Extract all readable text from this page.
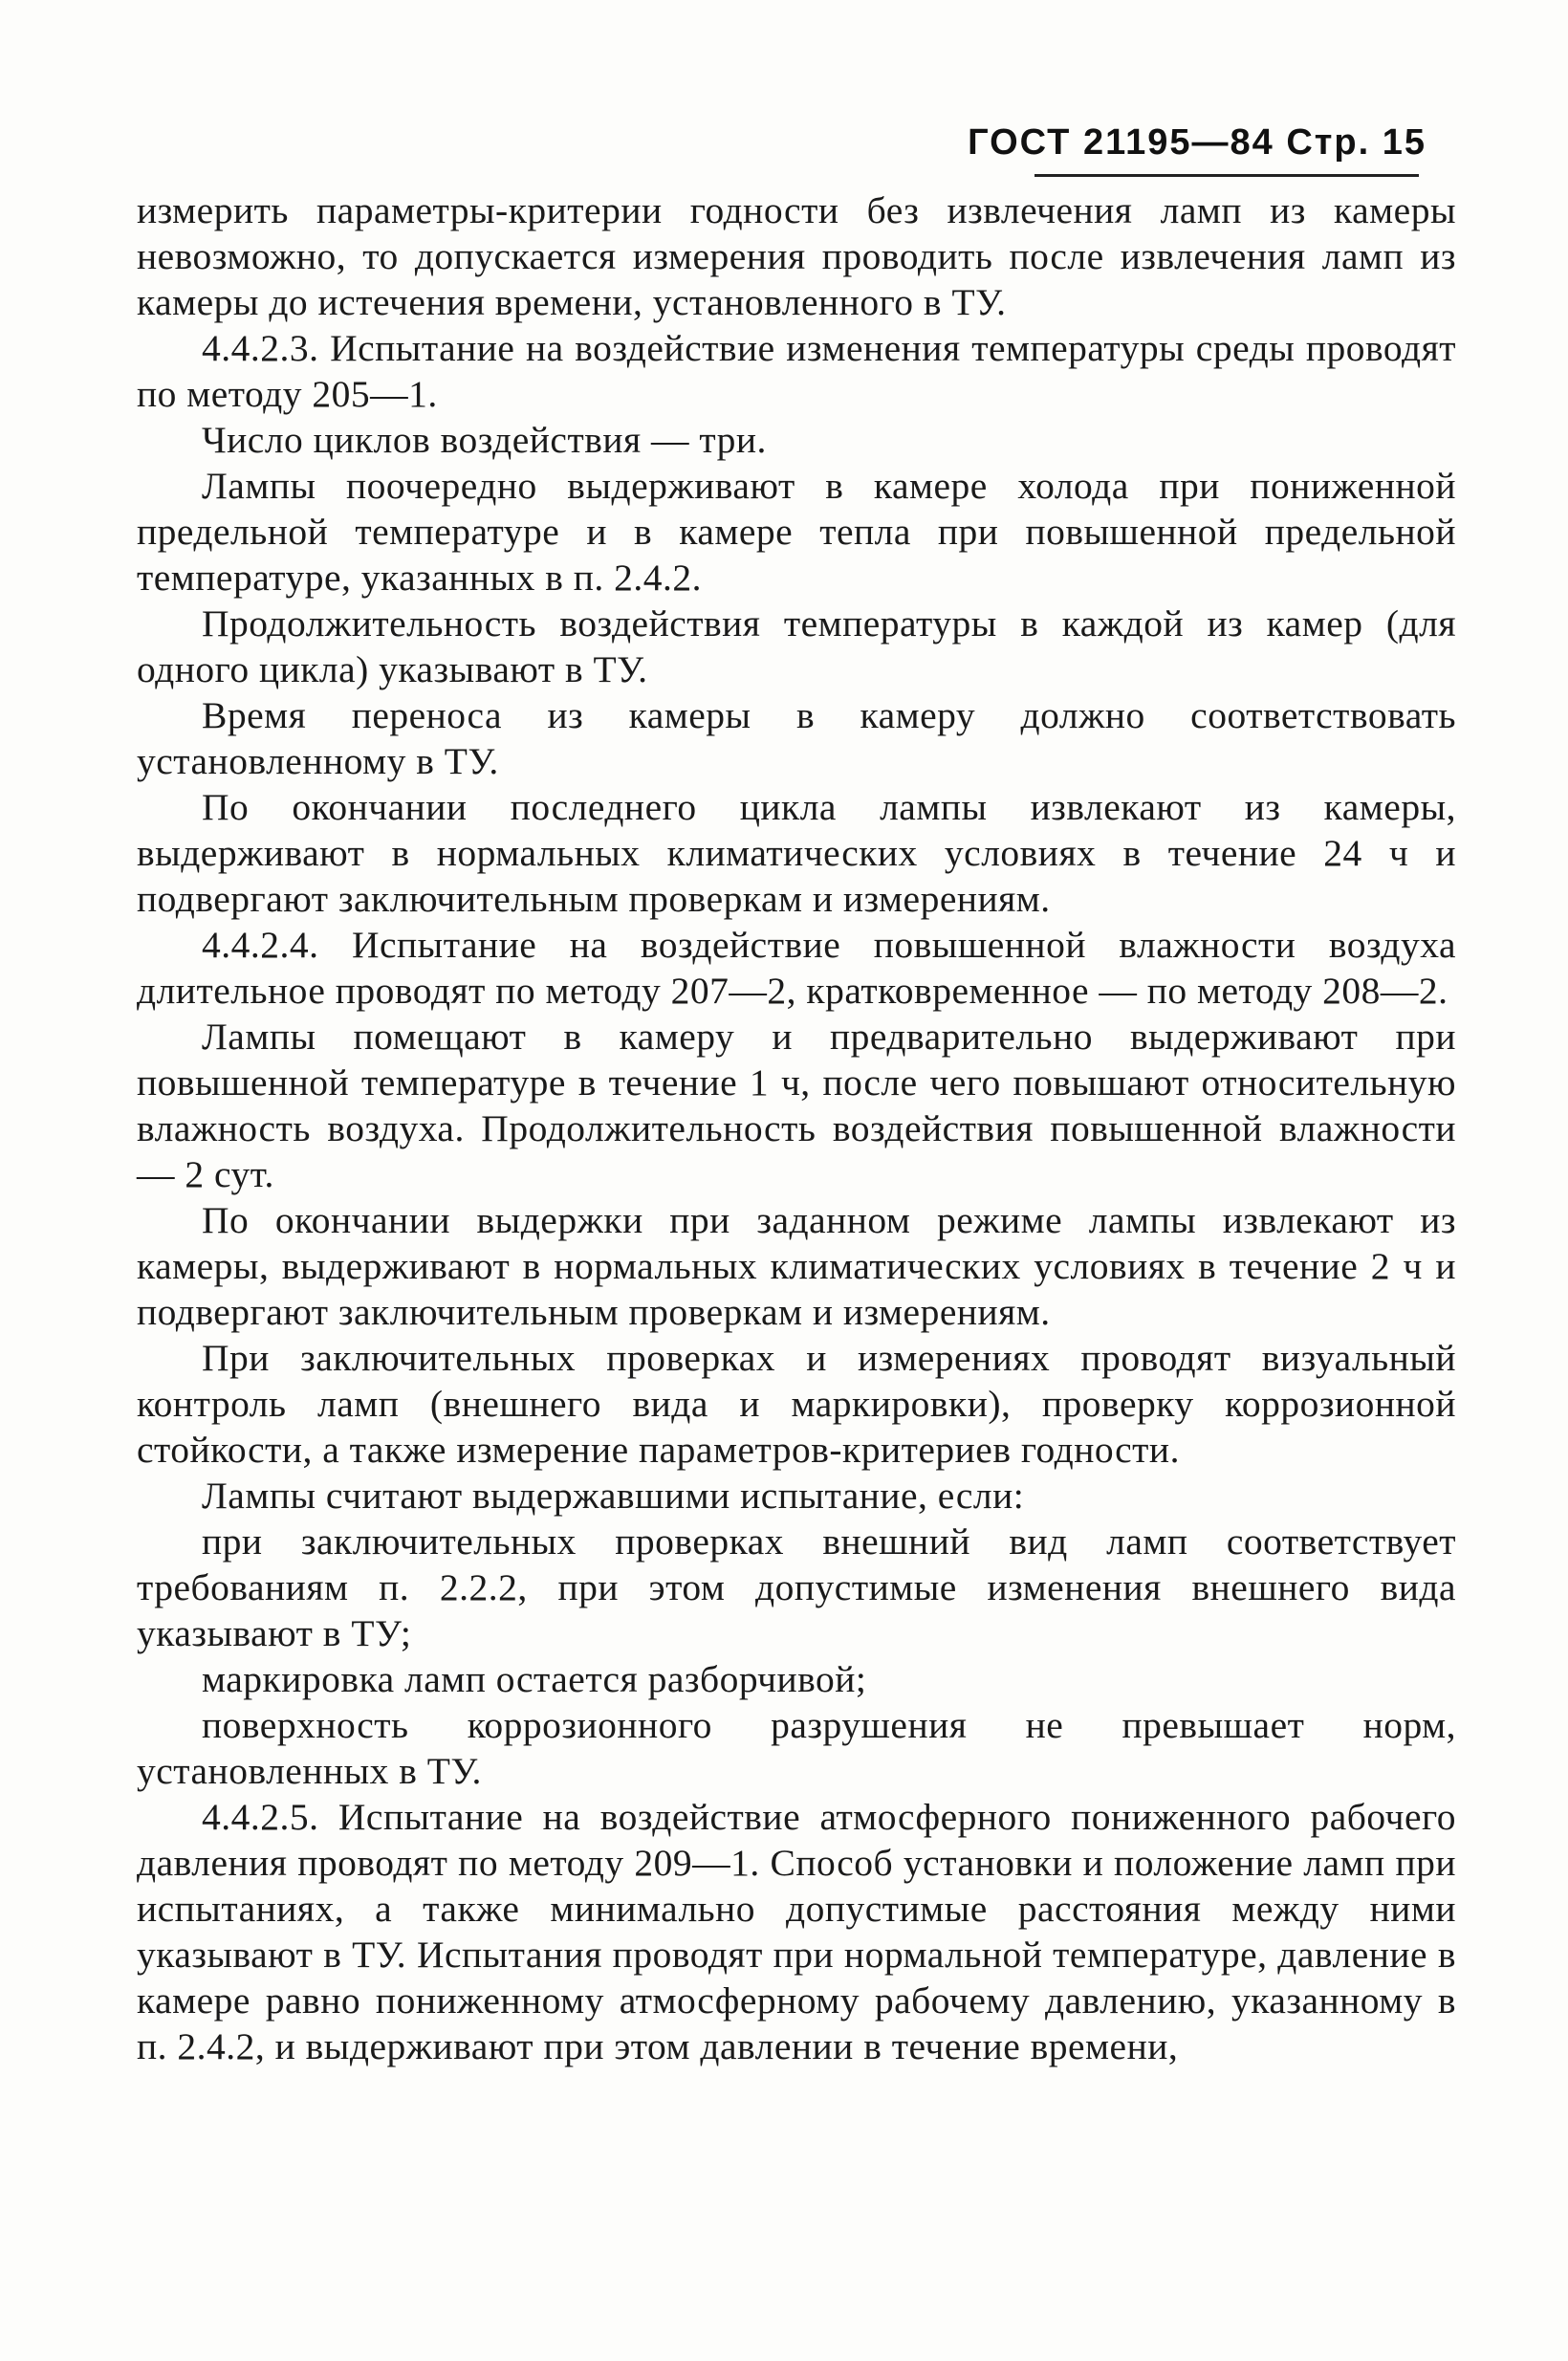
ГОСТ 21195—84 Стр. 15

измерить параметры-критерии годности без извлечения ламп из камеры невозможно, то допускается измерения проводить после извлечения ламп из камеры до истечения времени, установленного в ТУ.

4.4.2.3. Испытание на воздействие изменения температуры среды проводят по методу 205—1.

Число циклов воздействия — три.

Лампы поочередно выдерживают в камере холода при пониженной предельной температуре и в камере тепла при повышенной предельной температуре, указанных в п. 2.4.2.

Продолжительность воздействия температуры в каждой из камер (для одного цикла) указывают в ТУ.

Время переноса из камеры в камеру должно соответствовать установленному в ТУ.

По окончании последнего цикла лампы извлекают из камеры, выдерживают в нормальных климатических условиях в течение 24 ч и подвергают заключительным проверкам и измерениям.

4.4.2.4. Испытание на воздействие повышенной влажности воздуха длительное проводят по методу 207—2, кратковременное — по методу 208—2.

Лампы помещают в камеру и предварительно выдерживают при повышенной температуре в течение 1 ч, после чего повышают относительную влажность воздуха. Продолжительность воздействия повышенной влажности — 2 сут.

По окончании выдержки при заданном режиме лампы извлекают из камеры, выдерживают в нормальных климатических условиях в течение 2 ч и подвергают заключительным проверкам и измерениям.

При заключительных проверках и измерениях проводят визуальный контроль ламп (внешнего вида и маркировки), проверку коррозионной стойкости, а также измерение параметров-критериев годности.

Лампы считают выдержавшими испытание, если:

при заключительных проверках внешний вид ламп соответствует требованиям п. 2.2.2, при этом допустимые изменения внешнего вида указывают в ТУ;

маркировка ламп остается разборчивой;

поверхность коррозионного разрушения не превышает норм, установленных в ТУ.

4.4.2.5. Испытание на воздействие атмосферного пониженного рабочего давления проводят по методу 209—1. Способ установки и положение ламп при испытаниях, а также минимально допустимые расстояния между ними указывают в ТУ. Испытания проводят при нормальной температуре, давление в камере равно пониженному атмосферному рабочему давлению, указанному в п. 2.4.2, и выдерживают при этом давлении в течение времени,
